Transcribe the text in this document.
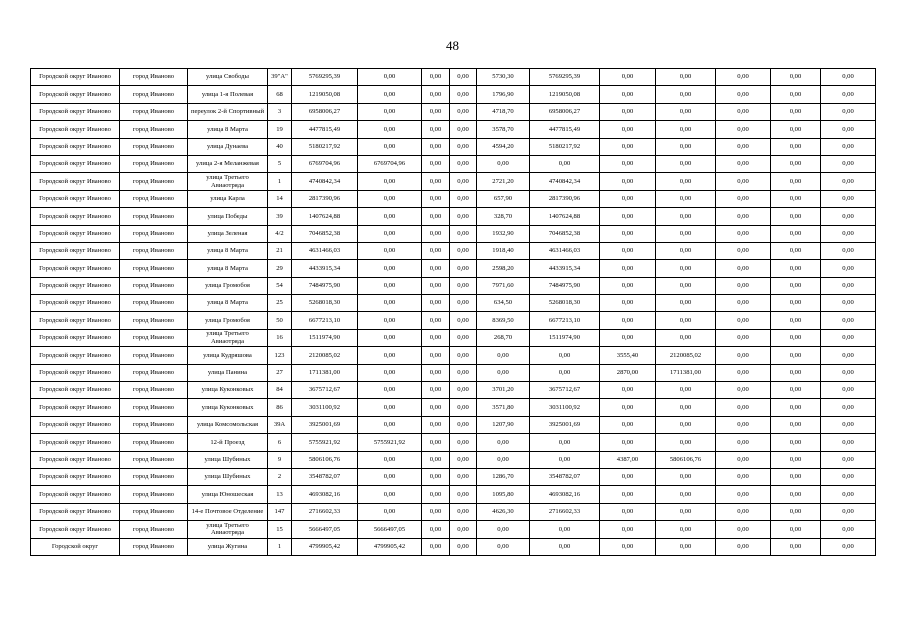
48
Городской округ Иваново	город Иваново	улица Свободы	39"А"	5769295,39	0,00	0,00	0,00	5730,30	5769295,39	0,00	0,00	0,00	0,00	0,00
Городской округ Иваново	город Иваново	улица 1-я Полевая	68	1219050,08	0,00	0,00	0,00	1796,90	1219050,08	0,00	0,00	0,00	0,00	0,00
Городской округ Иваново	город Иваново	переулок 2-й Спортивный	3	6958006,27	0,00	0,00	0,00	4718,70	6958006,27	0,00	0,00	0,00	0,00	0,00
Городской округ Иваново	город Иваново	улица 8 Марта	19	4477815,49	0,00	0,00	0,00	3578,70	4477815,49	0,00	0,00	0,00	0,00	0,00
Городской округ Иваново	город Иваново	улица Дунаева	40	5180217,92	0,00	0,00	0,00	4594,20	5180217,92	0,00	0,00	0,00	0,00	0,00
Городской округ Иваново	город Иваново	улица 2-я Меланжевая	5	6769704,96	6769704,96	0,00	0,00	0,00	0,00	0,00	0,00	0,00	0,00	0,00
Городской округ Иваново	город Иваново	улица Третьего Авиаотряда	1	4740842,34	0,00	0,00	0,00	2721,20	4740842,34	0,00	0,00	0,00	0,00	0,00
Городской округ Иваново	город Иваново	улица Карла	14	2817390,96	0,00	0,00	0,00	657,90	2817390,96	0,00	0,00	0,00	0,00	0,00
Городской округ Иваново	город Иваново	улица Победы	39	1407624,88	0,00	0,00	0,00	328,70	1407624,88	0,00	0,00	0,00	0,00	0,00
Городской округ Иваново	город Иваново	улица Зеленая	4/2	7046852,38	0,00	0,00	0,00	1932,90	7046852,38	0,00	0,00	0,00	0,00	0,00
Городской округ Иваново	город Иваново	улица 8 Марта	21	4631466,03	0,00	0,00	0,00	1918,40	4631466,03	0,00	0,00	0,00	0,00	0,00
Городской округ Иваново	город Иваново	улица 8 Марта	29	4433915,34	0,00	0,00	0,00	2598,20	4433915,34	0,00	0,00	0,00	0,00	0,00
Городской округ Иваново	город Иваново	улица Громобоя	54	7484975,90	0,00	0,00	0,00	7971,60	7484975,90	0,00	0,00	0,00	0,00	0,00
Городской округ Иваново	город Иваново	улица 8 Марта	25	5268018,30	0,00	0,00	0,00	634,50	5268018,30	0,00	0,00	0,00	0,00	0,00
Городской округ Иваново	город Иваново	улица Громобоя	50	6677213,10	0,00	0,00	0,00	8369,50	6677213,10	0,00	0,00	0,00	0,00	0,00
Городской округ Иваново	город Иваново	улица Третьего Авиаотряда	16	1511974,90	0,00	0,00	0,00	268,70	1511974,90	0,00	0,00	0,00	0,00	0,00
Городской округ Иваново	город Иваново	улица Кудряшова	123	2120085,02	0,00	0,00	0,00	0,00	0,00	3555,40	2120085,02	0,00	0,00	0,00
Городской округ Иваново	город Иваново	улица Панина	27	1711381,00	0,00	0,00	0,00	0,00	0,00	2870,00	1711381,00	0,00	0,00	0,00
Городской округ Иваново	город Иваново	улица Куконковых	84	3675712,67	0,00	0,00	0,00	3701,20	3675712,67	0,00	0,00	0,00	0,00	0,00
Городской округ Иваново	город Иваново	улица Куконковых	86	3031100,92	0,00	0,00	0,00	3571,80	3031100,92	0,00	0,00	0,00	0,00	0,00
Городской округ Иваново	город Иваново	улица Комсомольская	39А	3925001,69	0,00	0,00	0,00	1207,90	3925001,69	0,00	0,00	0,00	0,00	0,00
Городской округ Иваново	город Иваново	12-й Проезд	6	5755921,92	5755921,92	0,00	0,00	0,00	0,00	0,00	0,00	0,00	0,00	0,00
Городской округ Иваново	город Иваново	улица Шубиных	9	5806106,76	0,00	0,00	0,00	0,00	0,00	4387,00	5806106,76	0,00	0,00	0,00
Городской округ Иваново	город Иваново	улица Шубиных	2	3548782,07	0,00	0,00	0,00	1286,70	3548782,07	0,00	0,00	0,00	0,00	0,00
Городской округ Иваново	город Иваново	улица Юношеская	13	4693082,16	0,00	0,00	0,00	1095,80	4693082,16	0,00	0,00	0,00	0,00	0,00
Городской округ Иваново	город Иваново	14-е Почтовое Отделение	147	2716602,33	0,00	0,00	0,00	4626,30	2716602,33	0,00	0,00	0,00	0,00	0,00
Городской округ Иваново	город Иваново	улица Третьего Авиаотряда	15	5666497,05	5666497,05	0,00	0,00	0,00	0,00	0,00	0,00	0,00	0,00	0,00
Городской округ	город Иваново	улица Жугина	1	4799905,42	4799905,42	0,00	0,00	0,00	0,00	0,00	0,00	0,00	0,00	0,00
